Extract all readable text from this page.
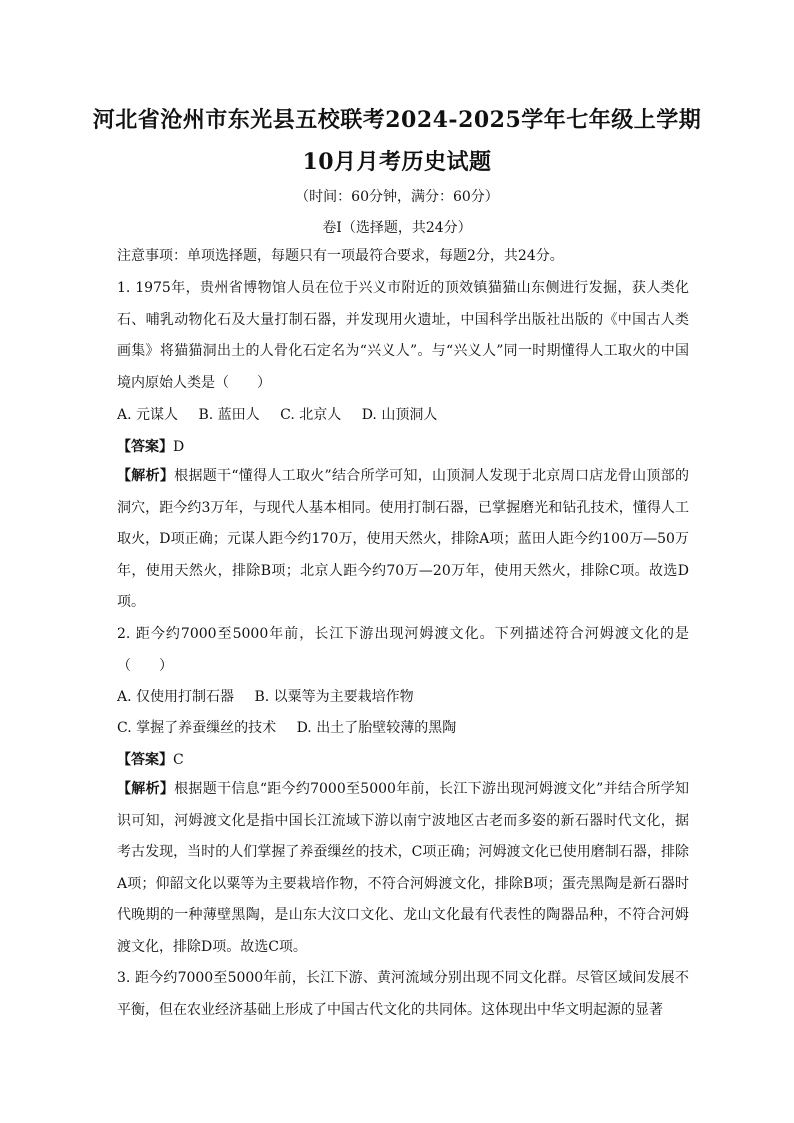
河北省沧州市东光县五校联考2024-2025学年七年级上学期
10月月考历史试题
（时间：60分钟，满分：60分）
卷Ⅰ（选择题，共24分）

注意事项：单项选择题，每题只有一项最符合要求，每题2分，共24分。

1. 1975年，贵州省博物馆人员在位于兴义市附近的顶效镇猫猫山东侧进行发掘，获人类化石、哺乳动物化石及大量打制石器，并发现用火遗址，中国科学出版社出版的《中国古人类画集》将猫猫洞出土的人骨化石定名为“兴义人”。与“兴义人”同一时期懂得人工取火的中国境内原始人类是（　　）

A. 元谋人 B. 蓝田人 C. 北京人 D. 山顶洞人
【答案】D

【解析】根据题干“懂得人工取火”结合所学可知，山顶洞人发现于北京周口店龙骨山顶部的洞穴，距今约3万年，与现代人基本相同。使用打制石器，已掌握磨光和钻孔技术，懂得人工取火，D项正确；元谋人距今约170万，使用天然火，排除A项；蓝田人距今约100万—50万年，使用天然火，排除B项；北京人距今约70万—20万年，使用天然火，排除C项。故选D项。

2. 距今约7000至5000年前，长江下游出现河姆渡文化。下列描述符合河姆渡文化的是（　　）

A. 仅使用打制石器 B. 以粟等为主要栽培作物
C. 掌握了养蚕缫丝的技术 D. 出土了胎壁较薄的黑陶
【答案】C

【解析】根据题干信息“距今约7000至5000年前，长江下游出现河姆渡文化”并结合所学知识可知，河姆渡文化是指中国长江流域下游以南宁波地区古老而多姿的新石器时代文化，据考古发现，当时的人们掌握了养蚕缫丝的技术，C项正确；河姆渡文化已使用磨制石器，排除A项；仰韶文化以粟等为主要栽培作物，不符合河姆渡文化，排除B项；蛋壳黑陶是新石器时代晚期的一种薄壁黑陶，是山东大汶口文化、龙山文化最有代表性的陶器品种，不符合河姆渡文化，排除D项。故选C项。

3. 距今约7000至5000年前，长江下游、黄河流域分别出现不同文化群。尽管区域间发展不平衡，但在农业经济基础上形成了中国古代文化的共同体。这体现出中华文明起源的显著
